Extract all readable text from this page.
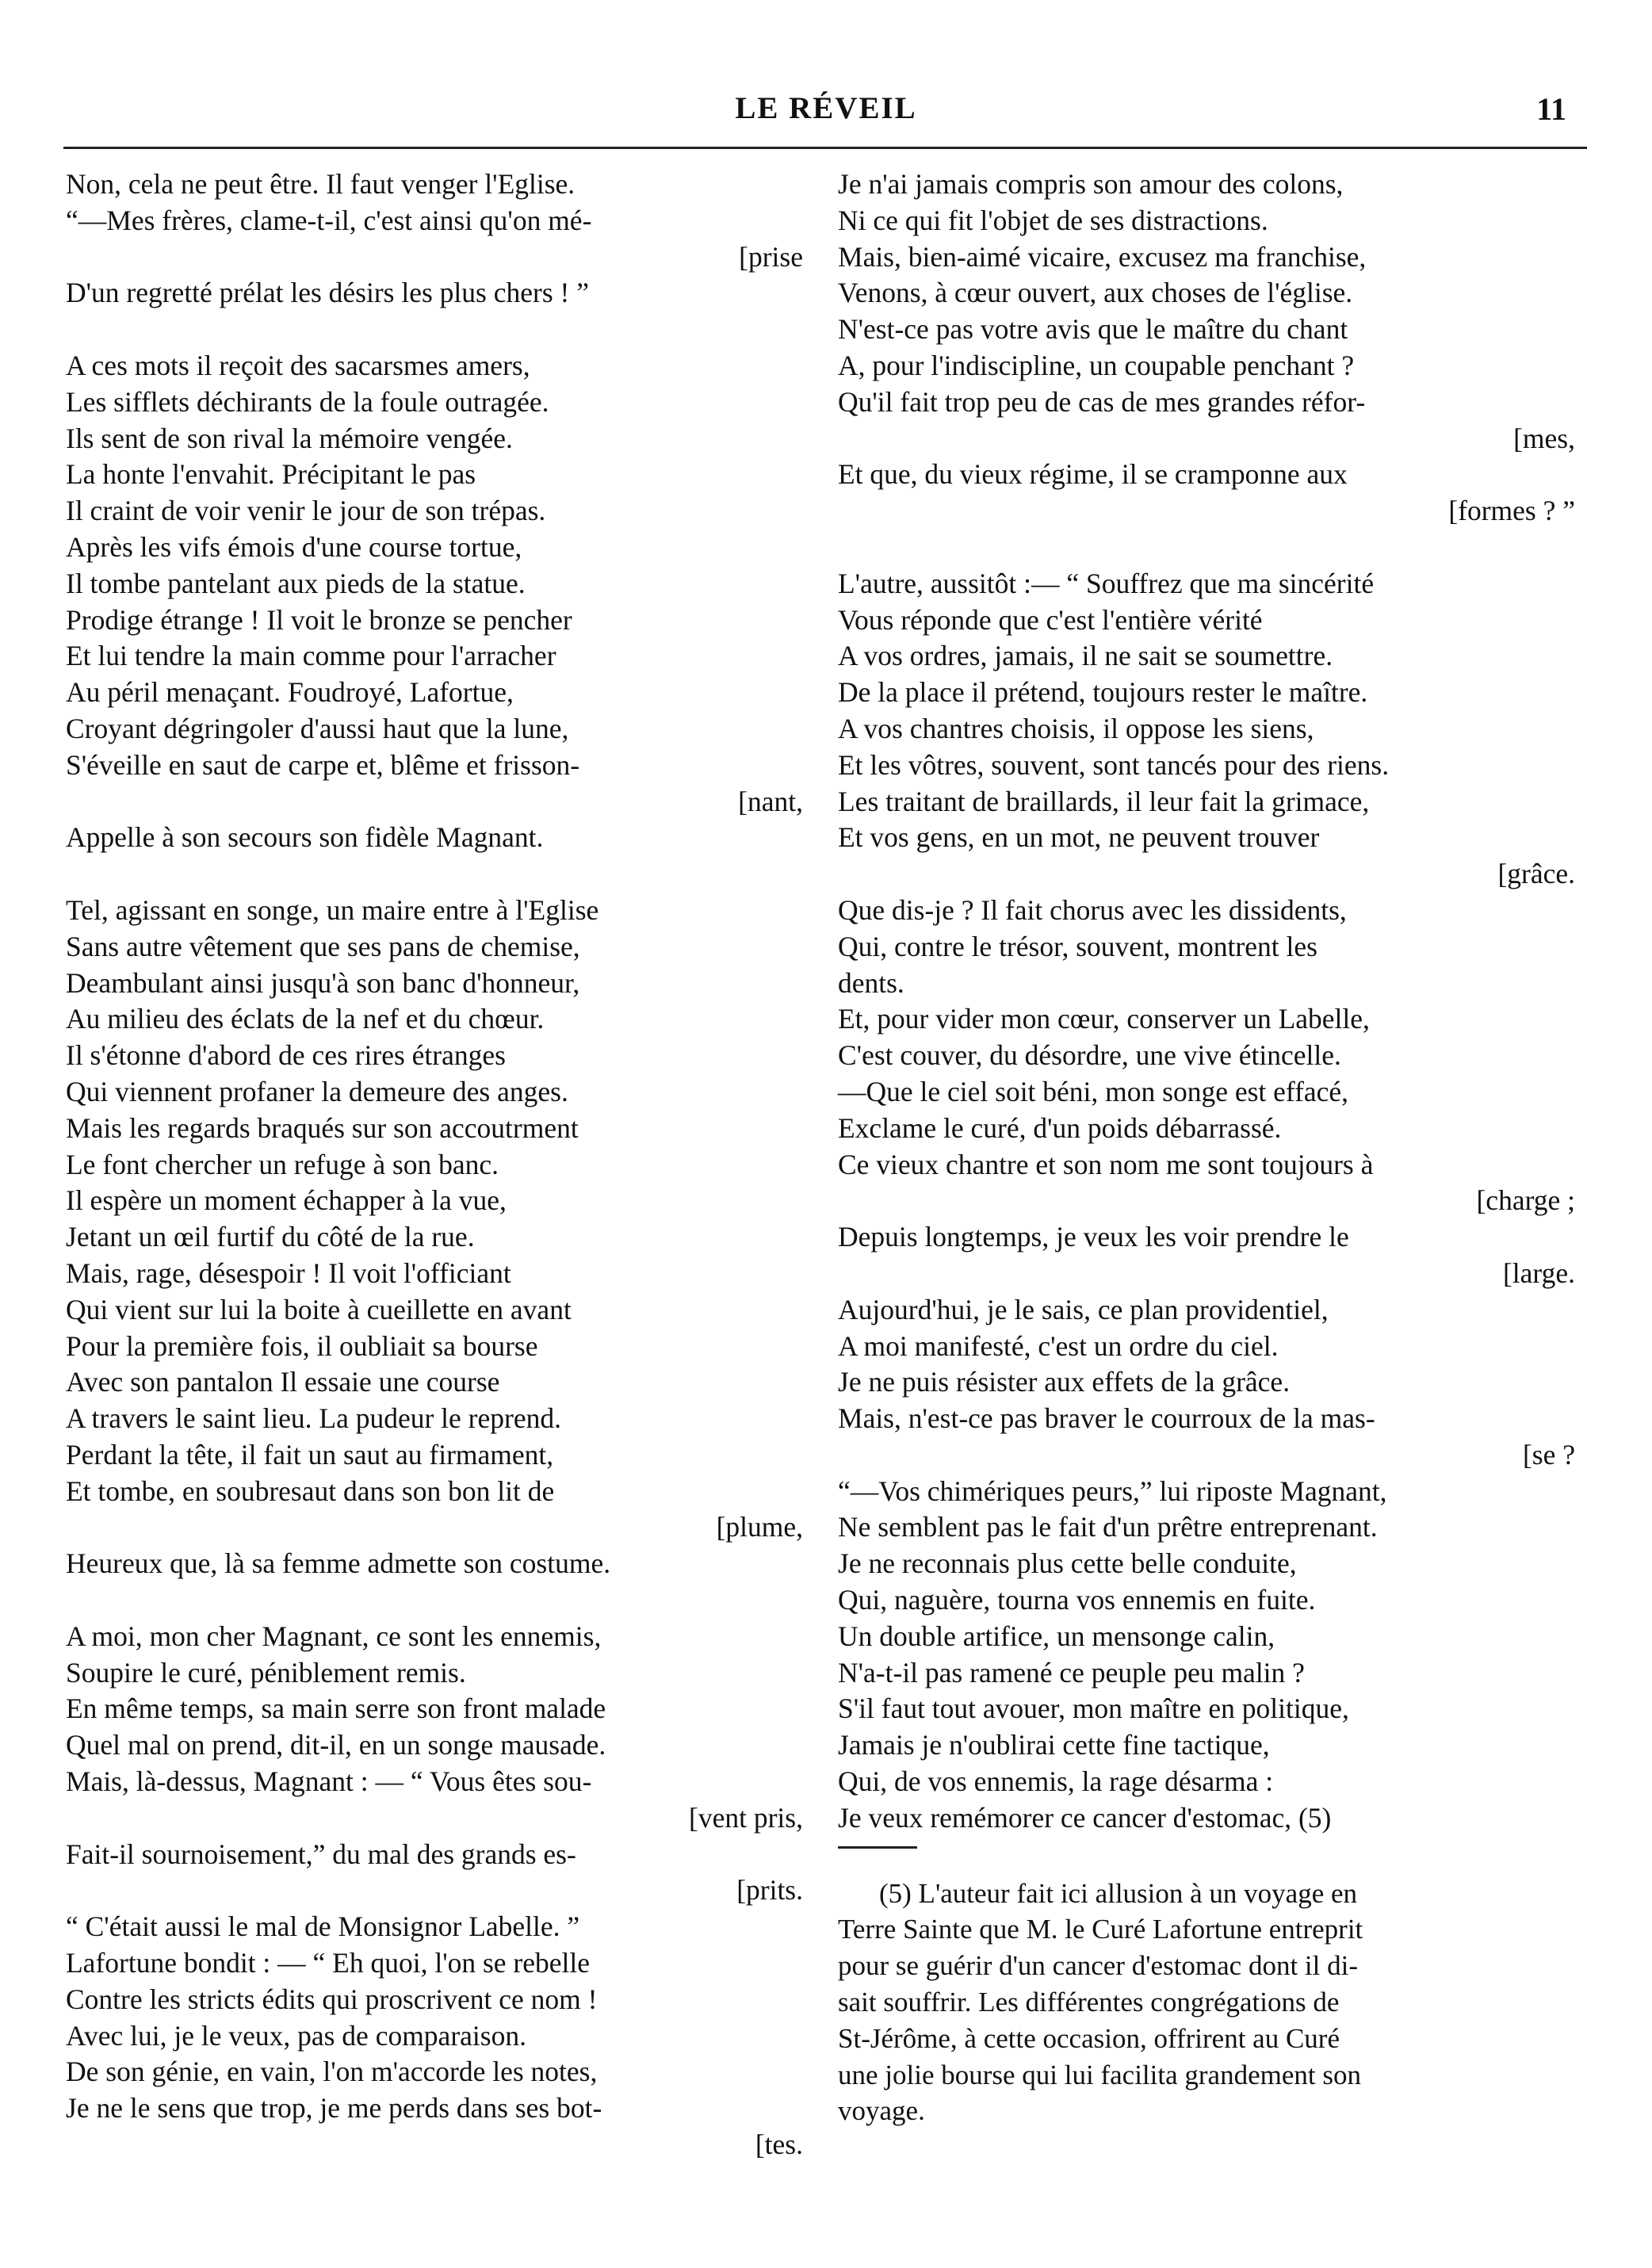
LE RÉVEIL	11
Non, cela ne peut être. Il faut venger l'Eglise.
“—Mes frères, clame-t-il, c'est ainsi qu'on mé-
[prise
D'un regretté prélat les désirs les plus chers ! ”
A ces mots il reçoit des sacarsmes amers,
Les sifflets déchirants de la foule outragée.
Ils sent de son rival la mémoire vengée.
La honte l'envahit. Précipitant le pas
Il craint de voir venir le jour de son trépas.
Après les vifs émois d'une course tortue,
Il tombe pantelant aux pieds de la statue.
Prodige étrange ! Il voit le bronze se pencher
Et lui tendre la main comme pour l'arracher
Au péril menaçant. Foudroyé, Lafortue,
Croyant dégringoler d'aussi haut que la lune,
S'éveille en saut de carpe et, blême et frisson-
[nant,
Appelle à son secours son fidèle Magnant.
Tel, agissant en songe, un maire entre à l'Eglise
Sans autre vêtement que ses pans de chemise,
Deambulant ainsi jusqu'à son banc d'honneur,
Au milieu des éclats de la nef et du chœur.
Il s'étonne d'abord de ces rires étranges
Qui viennent profaner la demeure des anges.
Mais les regards braqués sur son accoutrment
Le font chercher un refuge à son banc.
Il espère un moment échapper à la vue,
Jetant un œil furtif du côté de la rue.
Mais, rage, désespoir ! Il voit l'officiant
Qui vient sur lui la boite à cueillette en avant
Pour la première fois, il oubliait sa bourse
Avec son pantalon Il essaie une course
A travers le saint lieu. La pudeur le reprend.
Perdant la tête, il fait un saut au firmament,
Et tombe, en soubresaut dans son bon lit de
[plume,
Heureux que, là sa femme admette son costume.
A moi, mon cher Magnant, ce sont les ennemis,
Soupire le curé, péniblement remis.
En même temps, sa main serre son front malade
Quel mal on prend, dit-il, en un songe mausade.
Mais, là-dessus, Magnant : — “ Vous êtes sou-
[vent pris,
Fait-il sournoisement,” du mal des grands es-
[prits.
“ C'était aussi le mal de Monsignor Labelle. ”
Lafortune bondit : — “ Eh quoi, l'on se rebelle
Contre les stricts édits qui proscrivent ce nom !
Avec lui, je le veux, pas de comparaison.
De son génie, en vain, l'on m'accorde les notes,
Je ne le sens que trop, je me perds dans ses bot-
[tes.
Je n'ai jamais compris son amour des colons,
Ni ce qui fit l'objet de ses distractions.
Mais, bien-aimé vicaire, excusez ma franchise,
Venons, à cœur ouvert, aux choses de l'église.
N'est-ce pas votre avis que le maître du chant
A, pour l'indiscipline, un coupable penchant ?
Qu'il fait trop peu de cas de mes grandes réfor-
[mes,
Et que, du vieux régime, il se cramponne aux
[formes ? ”
L'autre, aussitôt :— “ Souffrez que ma sincérité
Vous réponde que c'est l'entière vérité
A vos ordres, jamais, il ne sait se soumettre.
De la place il prétend, toujours rester le maître.
A vos chantres choisis, il oppose les siens,
Et les vôtres, souvent, sont tancés pour des riens.
Les traitant de braillards, il leur fait la grimace,
Et vos gens, en un mot, ne peuvent trouver
[grâce.
Que dis-je ? Il fait chorus avec les dissidents,
Qui, contre le trésor, souvent, montrent les
dents.
Et, pour vider mon cœur, conserver un Labelle,
C'est couver, du désordre, une vive étincelle.
—Que le ciel soit béni, mon songe est effacé,
Exclame le curé, d'un poids débarrassé.
Ce vieux chantre et son nom me sont toujours à
[charge ;
Depuis longtemps, je veux les voir prendre le
[large.
Aujourd'hui, je le sais, ce plan providentiel,
A moi manifesté, c'est un ordre du ciel.
Je ne puis résister aux effets de la grâce.
Mais, n'est-ce pas braver le courroux de la mas-
[se ?
“—Vos chimériques peurs,” lui riposte Magnant,
Ne semblent pas le fait d'un prêtre entreprenant.
Je ne reconnais plus cette belle conduite,
Qui, naguère, tourna vos ennemis en fuite.
Un double artifice, un mensonge calin,
N'a-t-il pas ramené ce peuple peu malin ?
S'il faut tout avouer, mon maître en politique,
Jamais je n'oublirai cette fine tactique,
Qui, de vos ennemis, la rage désarma :
Je veux remémorer ce cancer d'estomac, (5)
(5) L'auteur fait ici allusion à un voyage en
Terre Sainte que M. le Curé Lafortune entreprit
pour se guérir d'un cancer d'estomac dont il di-
sait souffrir. Les différentes congrégations de
St-Jérôme, à cette occasion, offrirent au Curé
une jolie bourse qui lui facilita grandement son
voyage.
